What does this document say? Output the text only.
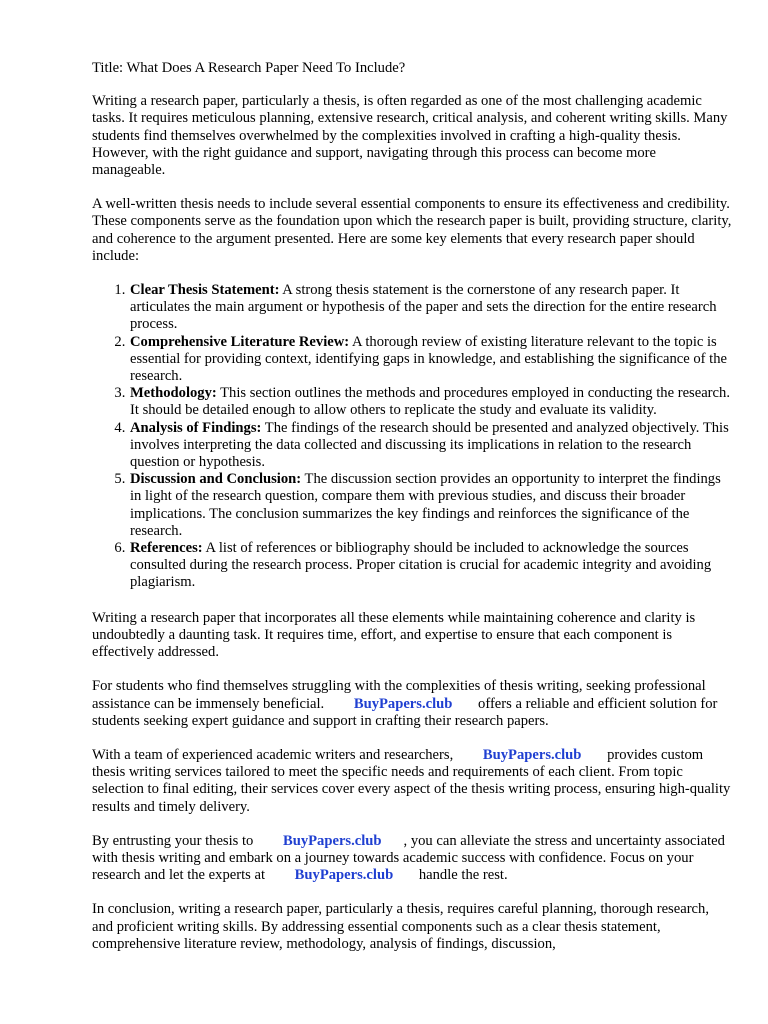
Title: What Does A Research Paper Need To Include?

Writing a research paper, particularly a thesis, is often regarded as one of the most challenging academic tasks. It requires meticulous planning, extensive research, critical analysis, and coherent writing skills. Many students find themselves overwhelmed by the complexities involved in crafting a high-quality thesis. However, with the right guidance and support, navigating through this process can become more manageable.

A well-written thesis needs to include several essential components to ensure its effectiveness and credibility. These components serve as the foundation upon which the research paper is built, providing structure, clarity, and coherence to the argument presented. Here are some key elements that every research paper should include:

1. Clear Thesis Statement: A strong thesis statement is the cornerstone of any research paper. It articulates the main argument or hypothesis of the paper and sets the direction for the entire research process.
2. Comprehensive Literature Review: A thorough review of existing literature relevant to the topic is essential for providing context, identifying gaps in knowledge, and establishing the significance of the research.
3. Methodology: This section outlines the methods and procedures employed in conducting the research. It should be detailed enough to allow others to replicate the study and evaluate its validity.
4. Analysis of Findings: The findings of the research should be presented and analyzed objectively. This involves interpreting the data collected and discussing its implications in relation to the research question or hypothesis.
5. Discussion and Conclusion: The discussion section provides an opportunity to interpret the findings in light of the research question, compare them with previous studies, and discuss their broader implications. The conclusion summarizes the key findings and reinforces the significance of the research.
6. References: A list of references or bibliography should be included to acknowledge the sources consulted during the research process. Proper citation is crucial for academic integrity and avoiding plagiarism.

Writing a research paper that incorporates all these elements while maintaining coherence and clarity is undoubtedly a daunting task. It requires time, effort, and expertise to ensure that each component is effectively addressed.

For students who find themselves struggling with the complexities of thesis writing, seeking professional assistance can be immensely beneficial. BuyPapers.club offers a reliable and efficient solution for students seeking expert guidance and support in crafting their research papers.

With a team of experienced academic writers and researchers, BuyPapers.club provides custom thesis writing services tailored to meet the specific needs and requirements of each client. From topic selection to final editing, their services cover every aspect of the thesis writing process, ensuring high-quality results and timely delivery.

By entrusting your thesis to BuyPapers.club , you can alleviate the stress and uncertainty associated with thesis writing and embark on a journey towards academic success with confidence. Focus on your research and let the experts at BuyPapers.club handle the rest.

In conclusion, writing a research paper, particularly a thesis, requires careful planning, thorough research, and proficient writing skills. By addressing essential components such as a clear thesis statement, comprehensive literature review, methodology, analysis of findings, discussion,
